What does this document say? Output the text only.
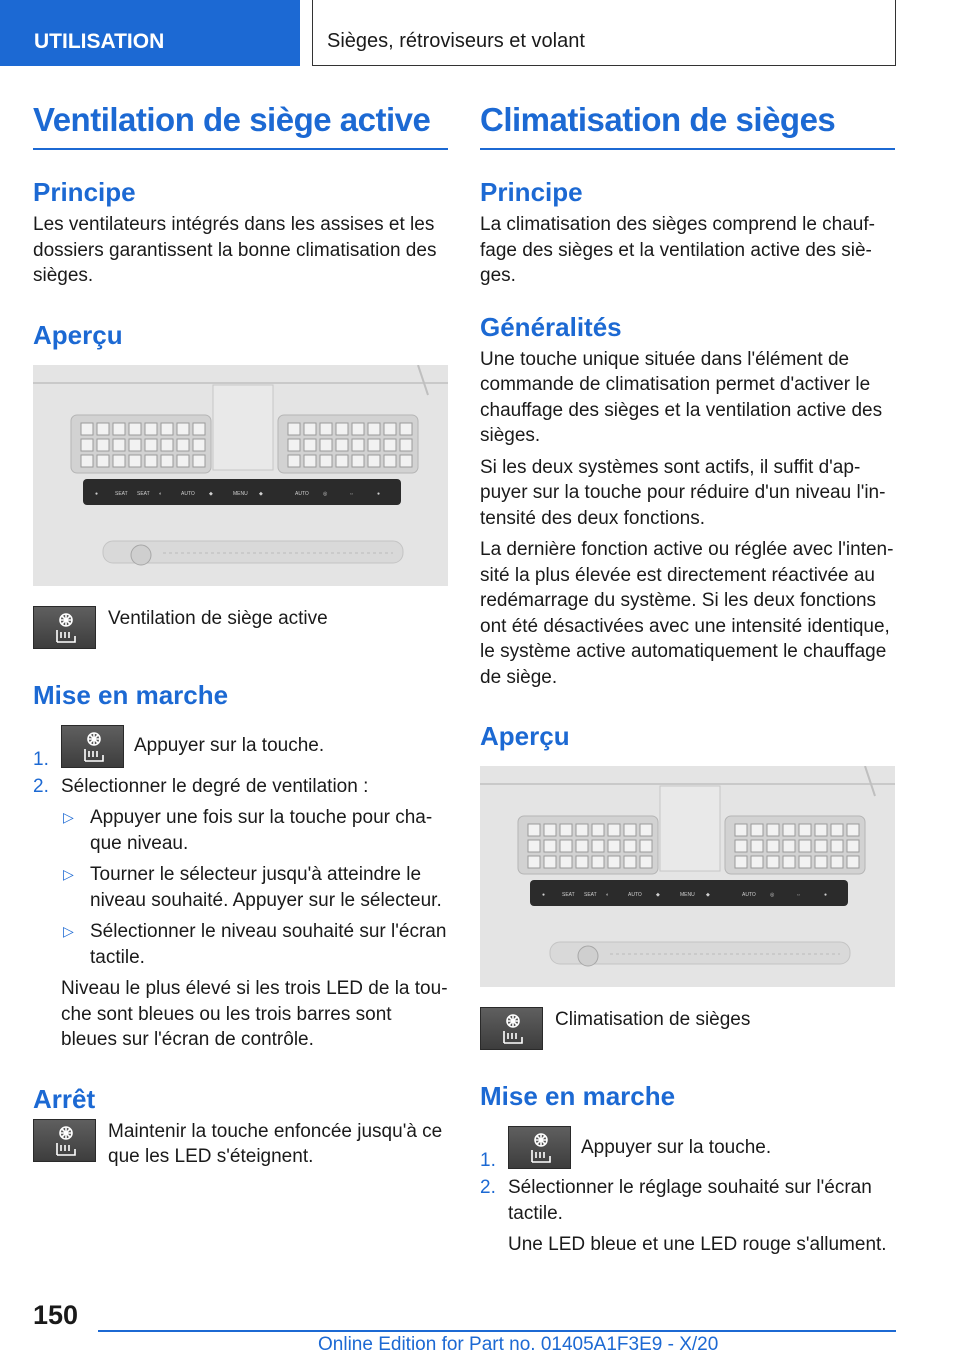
UTILISATION	Sièges, rétroviseurs et volant
Ventilation de siège active
Principe

Les ventilateurs intégrés dans les assises et les dossiers garantissent la bonne climatisation des sièges.

Aperçu
●	SEAT SEAT ◐	AUTO	◆	MENU ◆	AUTO	◎	⇔	●
Ventilation de siège active
Mise en marche
1.
Appuyer sur la touche.
2. Sélectionner le degré de ventilation :
▷ Appuyer une fois sur la touche pour chaque niveau.
▷ Tourner le sélecteur jusqu'à atteindre le niveau souhaité. Appuyer sur le sélecteur.
▷ Sélectionner le niveau souhaité sur l'écran tactile.

Niveau le plus élevé si les trois LED de la touche sont bleues ou les trois barres sont bleues sur l'écran de contrôle.

Arrêt
Maintenir la touche enfoncée jusqu'à ce que les LED s'éteignent.
Climatisation de sièges
Principe

La climatisation des sièges comprend le chauffage des sièges et la ventilation active des sièges.

Généralités

Une touche unique située dans l'élément de commande de climatisation permet d'activer le chauffage des sièges et la ventilation active des sièges.

Si les deux systèmes sont actifs, il suffit d'appuyer sur la touche pour réduire d'un niveau l'intensité des deux fonctions.

La dernière fonction active ou réglée avec l'intensité la plus élevée est directement réactivée au redémarrage du système. Si les deux fonctions ont été désactivées avec une intensité identique, le système active automatiquement le chauffage de siège.

Aperçu
●	SEAT SEAT ◐	AUTO	◆	MENU ◆	AUTO	◎	⇔	●
Climatisation de sièges
Mise en marche
1.
Appuyer sur la touche.
2. Sélectionner le réglage souhaité sur l'écran tactile.

Une LED bleue et une LED rouge s'allument.

150
Online Edition for Part no. 01405A1F3E9 - X/20
